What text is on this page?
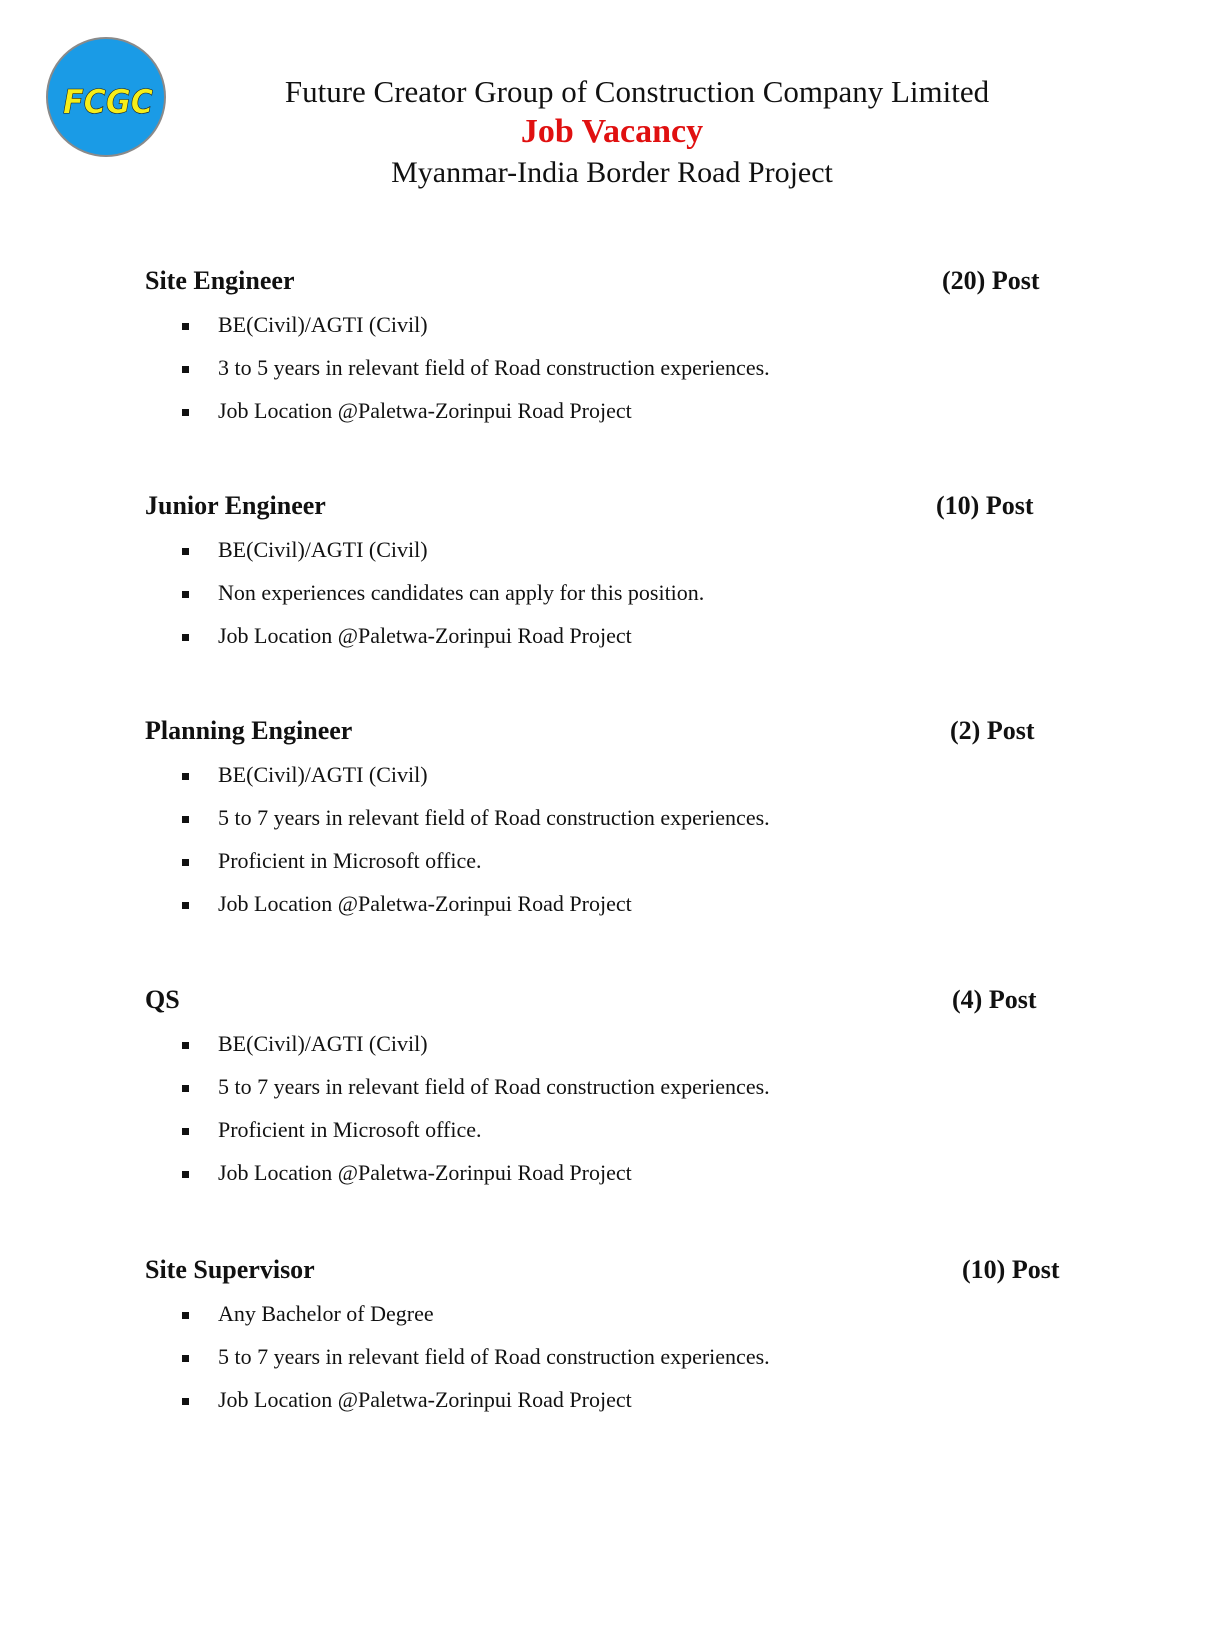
FCGC	Future Creator Group of Construction Company Limited
Job Vacancy
Myanmar-India Border Road Project
Site Engineer	(20) Post
BE(Civil)/AGTI (Civil)
3 to 5 years in relevant field of Road construction experiences.
Job Location @Paletwa-Zorinpui Road Project
Junior Engineer	(10) Post
BE(Civil)/AGTI (Civil)
Non experiences candidates can apply for this position.
Job Location @Paletwa-Zorinpui Road Project
Planning Engineer	(2) Post
BE(Civil)/AGTI (Civil)
5 to 7 years in relevant field of Road construction experiences.
Proficient in Microsoft office.
Job Location @Paletwa-Zorinpui Road Project
QS	(4) Post
BE(Civil)/AGTI (Civil)
5 to 7 years in relevant field of Road construction experiences.
Proficient in Microsoft office.
Job Location @Paletwa-Zorinpui Road Project
Site Supervisor	(10) Post
Any Bachelor of Degree
5 to 7 years in relevant field of Road construction experiences.
Job Location @Paletwa-Zorinpui Road Project
